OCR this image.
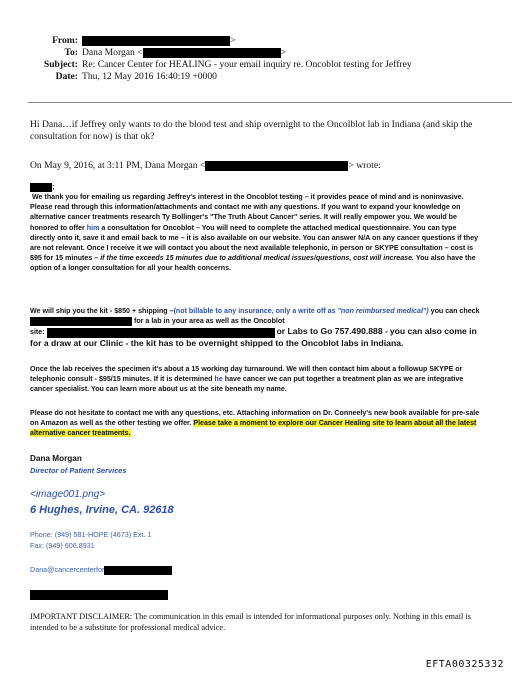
From:	>
To: Dana Morgan <	>
Subject: Re: Cancer Center for HEALING - your email inquiry re. Oncoblot testing for Jeffrey
Date: Thu, 12 May 2016 16:40:19 +0000
Hi Dana…if Jeffrey only wants to do the blood test and ship overnight to the Oncolblot lab in Indiana (and skip the consultation for now) is that ok?
On May 9, 2016, at 3:11 PM, Dana Morgan <	> wrote:
;
We thank you for emailing us regarding Jeffrey's interest in the Oncoblot testing – it provides peace of mind and is noninvasive. Please read through this information/attachments and contact me with any questions. If you want to expand your knowledge on alternative cancer treatments research Ty Bollinger's "The Truth About Cancer" series. It will really empower you. We would be honored to offer him a consultation for Oncoblot – You will need to complete the attached medical questionnaire. You can type directly onto it, save it and email back to me – it is also available on our website. You can answer N/A on any cancer questions if they are not relevant. Once I receive it we will contact you about the next available telephonic, in person or SKYPE consultation – cost is $95 for 15 minutes – if the time exceeds 15 minutes due to additional medical issues/questions, cost will increase. You also have the option of a longer consultation for all your health concerns.
We will ship you the kit - $850 + shipping –(not billable to any insurance, only a write off as "non reimbursed medical") you can check  for a lab in your area as well as the Oncoblot
site:	or Labs to Go 757.490.888 - you can also come in for a draw at our Clinic - the kit has to be overnight shipped to the Oncoblot labs in Indiana.
Once the lab receives the specimen it's about a 15 working day turnaround. We will then contact him about a followup SKYPE or telephonic consult - $95/15 minutes. If it is determined he have cancer we can put together a treatment plan as we are integrative cancer specialist. You can learn more about us at the site beneath my name.
Please do not hesitate to contact me with any questions, etc. Attaching information on Dr. Conneely's new book available for pre-sale on Amazon as well as the other testing we offer. Please take a moment to explore our Cancer Healing site to learn about all the latest alternative cancer treatments.
Dana Morgan
Director of Patient Services
<image001.png>
6 Hughes, Irvine, CA. 92618
Phone: (949) 581-HOPE (4673) Ext. 1
Fax: (949) 606.8931
Dana@cancercenterfor
IMPORTANT DISCLAIMER: The communication in this email is intended for informational purposes only. Nothing in this email is intended to be a substitute for professional medical advice.
EFTA00325332
